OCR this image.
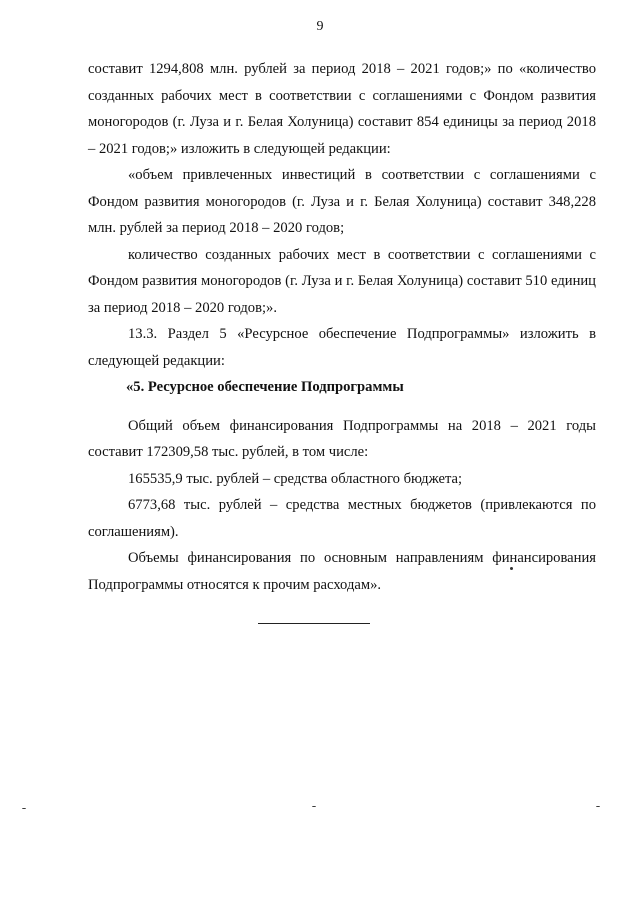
9

составит 1294,808 млн. рублей за период 2018 – 2021 годов;» по «количество

созданных рабочих мест в соответствии с соглашениями с Фондом развития моногородов (г. Луза и г. Белая Холуница) составит 854 единицы за период 2018 – 2021 годов;» изложить в следующей редакции:

«объем привлеченных инвестиций в соответствии с соглашениями с Фондом развития моногородов (г. Луза и г. Белая Холуница) составит 348,228 млн. рублей за период 2018 – 2020 годов;

количество созданных рабочих мест в соответствии с соглашениями с Фондом развития моногородов (г. Луза и г. Белая Холуница) составит 510 единиц за период 2018 – 2020 годов;».

13.3. Раздел 5 «Ресурсное обеспечение Подпрограммы» изложить в следующей редакции:

«5. Ресурсное обеспечение Подпрограммы

Общий объем финансирования Подпрограммы на 2018 – 2021 годы составит 172309,58 тыс. рублей, в том числе:

165535,9 тыс. рублей – средства областного бюджета;

6773,68 тыс. рублей – средства местных бюджетов (привлекаются по соглашениям).

Объемы финансирования по основным направлениям финансирования Подпрограммы относятся к прочим расходам».
